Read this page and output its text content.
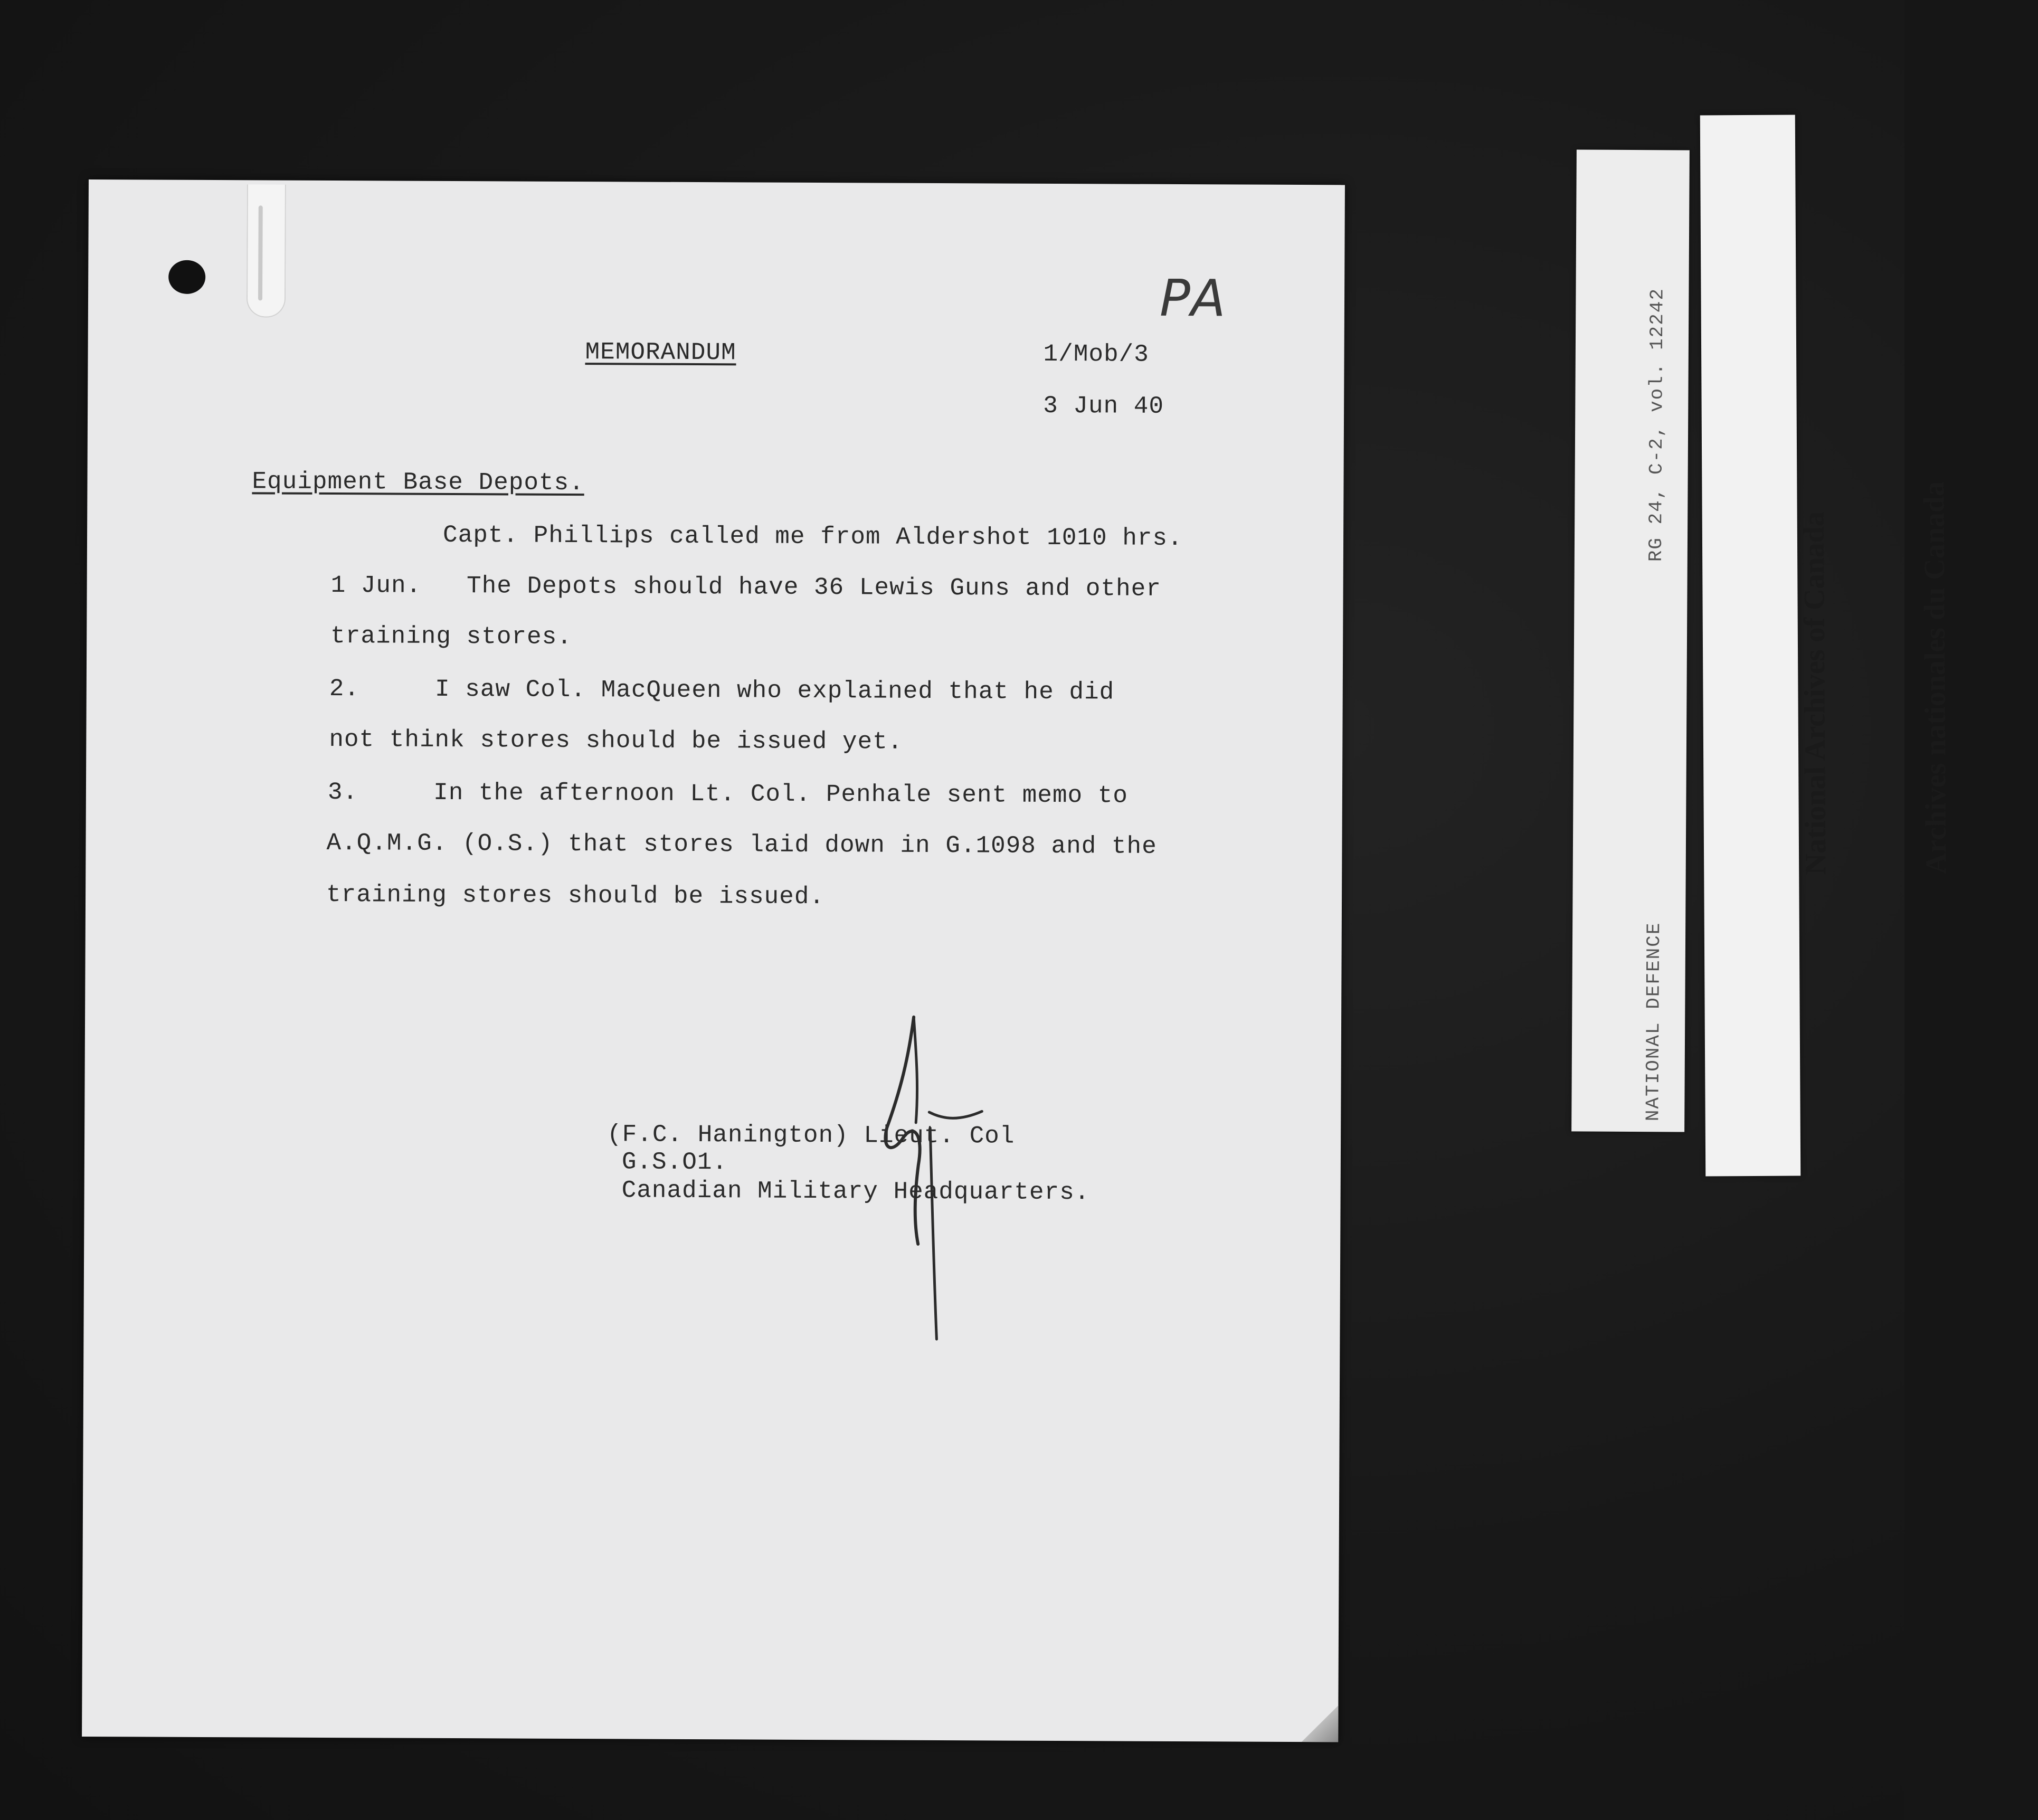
MEMORANDUM	1/Mob/3
PA
3 Jun 40
Equipment Base Depots.
Capt. Phillips called me from Aldershot 1010 hrs.
1 Jun.   The Depots should have 36 Lewis Guns and other
training stores.
2.     I saw Col. MacQueen who explained that he did
not think stores should be issued yet.
3.     In the afternoon Lt. Col. Penhale sent memo to
A.Q.M.G. (O.S.) that stores laid down in G.1098 and the
training stores should be issued.
(F.C. Hanington) Lieut. Col
G.S.O1.
Canadian Military Headquarters.

RG 24, C-2, vol. 12242

NATIONAL DEFENCE

National Archives of Canada

	Archives nationales du Canada
